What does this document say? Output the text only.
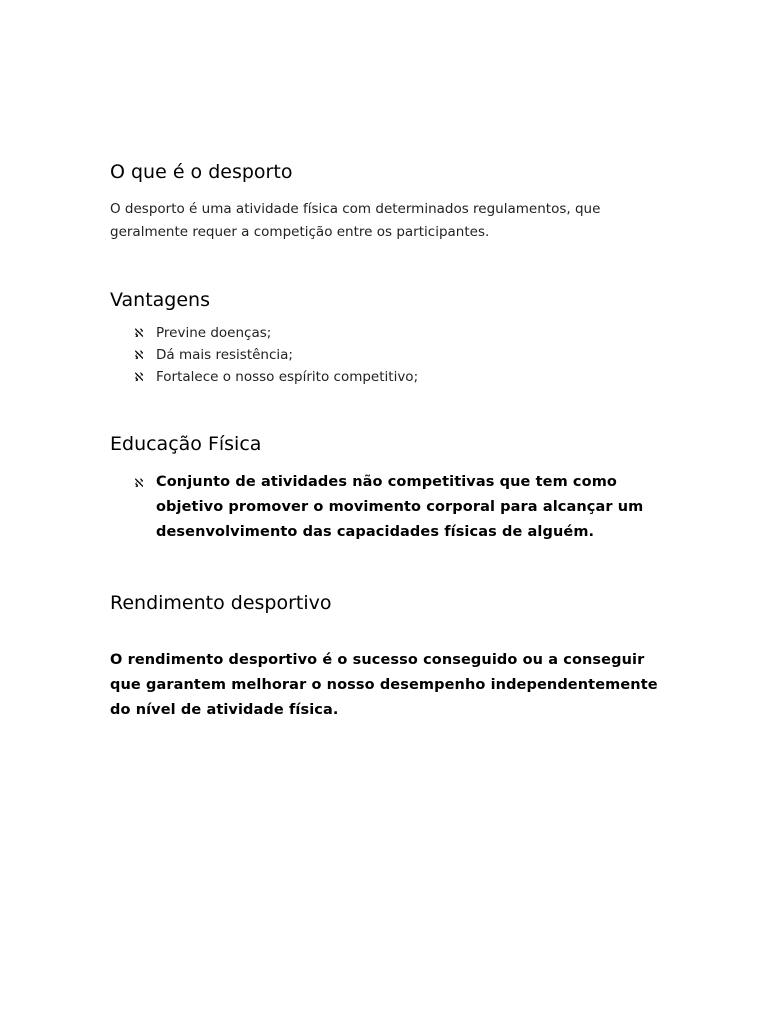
O que é o desporto

O desporto é uma atividade física com determinados regulamentos, que

geralmente requer a competição entre os participantes.

Vantagens
ℵ Previne doenças;
ℵ Dá mais resistência;
ℵ Fortalece o nosso espírito competitivo;
Educação Física
ℵ Conjunto de atividades não competitivas que tem como
objetivo promover o movimento corporal para alcançar um
desenvolvimento das capacidades físicas de alguém.
Rendimento desportivo

O rendimento desportivo é o sucesso conseguido ou a conseguir

que garantem melhorar o nosso desempenho independentemente

do nível de atividade física.
